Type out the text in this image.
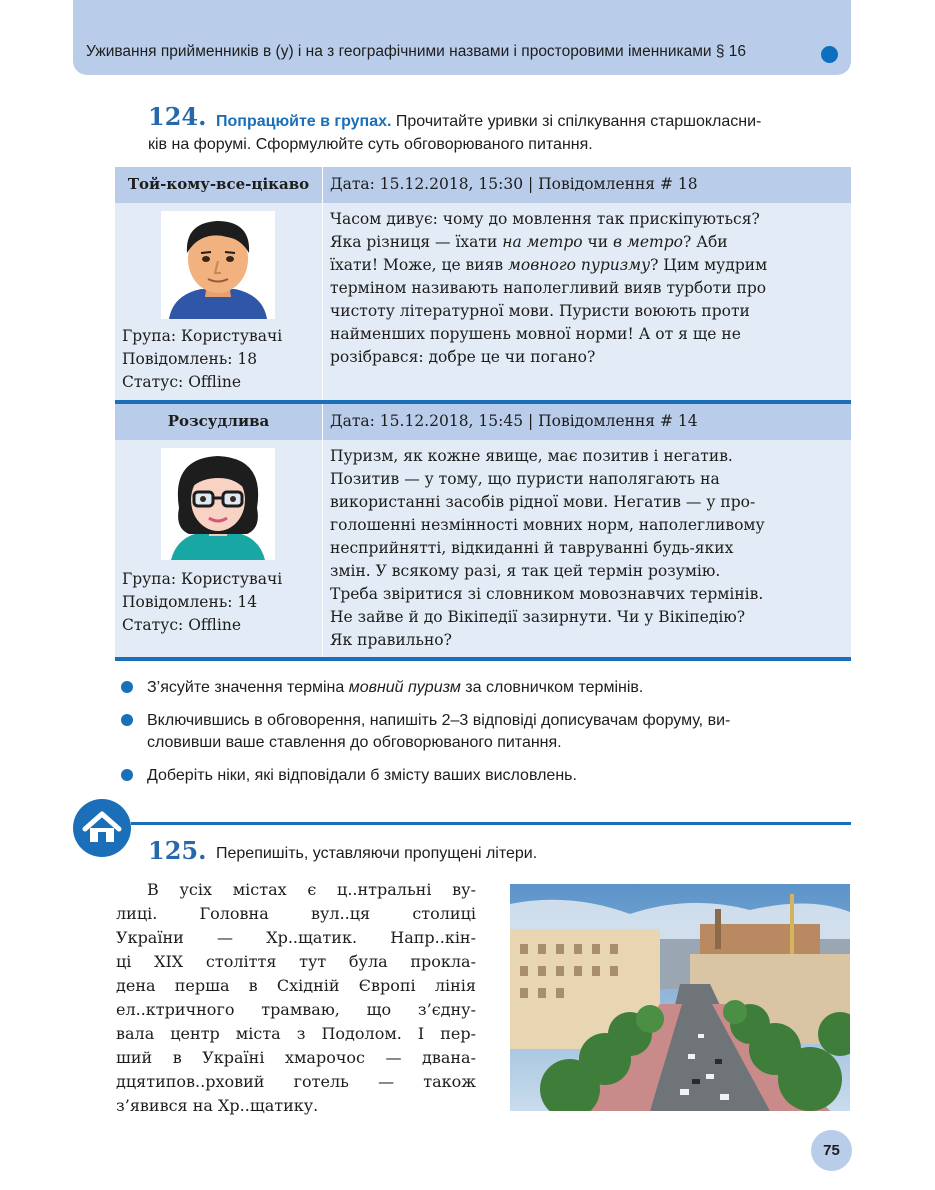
Уживання прийменників в (у) і на з географічними назвами і просторовими іменниками § 16
124. Попрацюйте в групах. Прочитайте уривки зі спілкування старшокласни-
ків на форумі. Сформулюйте суть обговорюваного питання.
Той-кому-все-цікаво	Дата: 15.12.2018, 15:30 | Повідомлення # 18
Група: Користувачі
Повідомлень: 18
Статус: Offline
Часом дивує: чому до мовлення так прискіпуються?
Яка різниця — їхати на метро чи в метро? Аби
їхати! Може, це вияв мовного пуризму? Цим мудрим
терміном називають наполегливий вияв турботи про
чистоту літературної мови. Пуристи воюють проти
найменших порушень мовної норми! А от я ще не
розібрався: добре це чи погано?
Розсудлива	Дата: 15.12.2018, 15:45 | Повідомлення # 14
Група: Користувачі
Повідомлень: 14
Статус: Offline
Пуризм, як кожне явище, має позитив і негатив.
Позитив — у тому, що пуристи наполягають на
використанні засобів рідної мови. Негатив — у про-
голошенні незмінності мовних норм, наполегливому
несприйнятті, відкиданні й тавруванні будь-яких
змін. У всякому разі, я так цей термін розумію.
Треба звіритися зі словником мовознавчих термінів.
Не зайве й до Вікіпедії зазирнути. Чи у Вікіпедію?
Як правильно?
З’ясуйте значення терміна мовний пуризм за словничком термінів.
Включившись в обговорення, напишіть 2–3 відповіді дописувачам форуму, ви-
словивши ваше ставлення до обговорюваного питання.
Доберіть ніки, які відповідали б змісту ваших висловлень.
125. Перепишіть, уставляючи пропущені літери.
В усіх містах є ц..нтральні ву-
лиці. Головна вул..ця столиці
України — Хр..щатик. Напр..кін-
ці XIX століття тут була прокла-
дена перша в Східній Європі лінія
ел..ктричного трамваю, що з’єдну-
вала центр міста з Подолом. І пер-
ший в Україні хмарочос — дванa-
дцятипов..рховий готель — також
з’явився на Хр..щатику.
75
